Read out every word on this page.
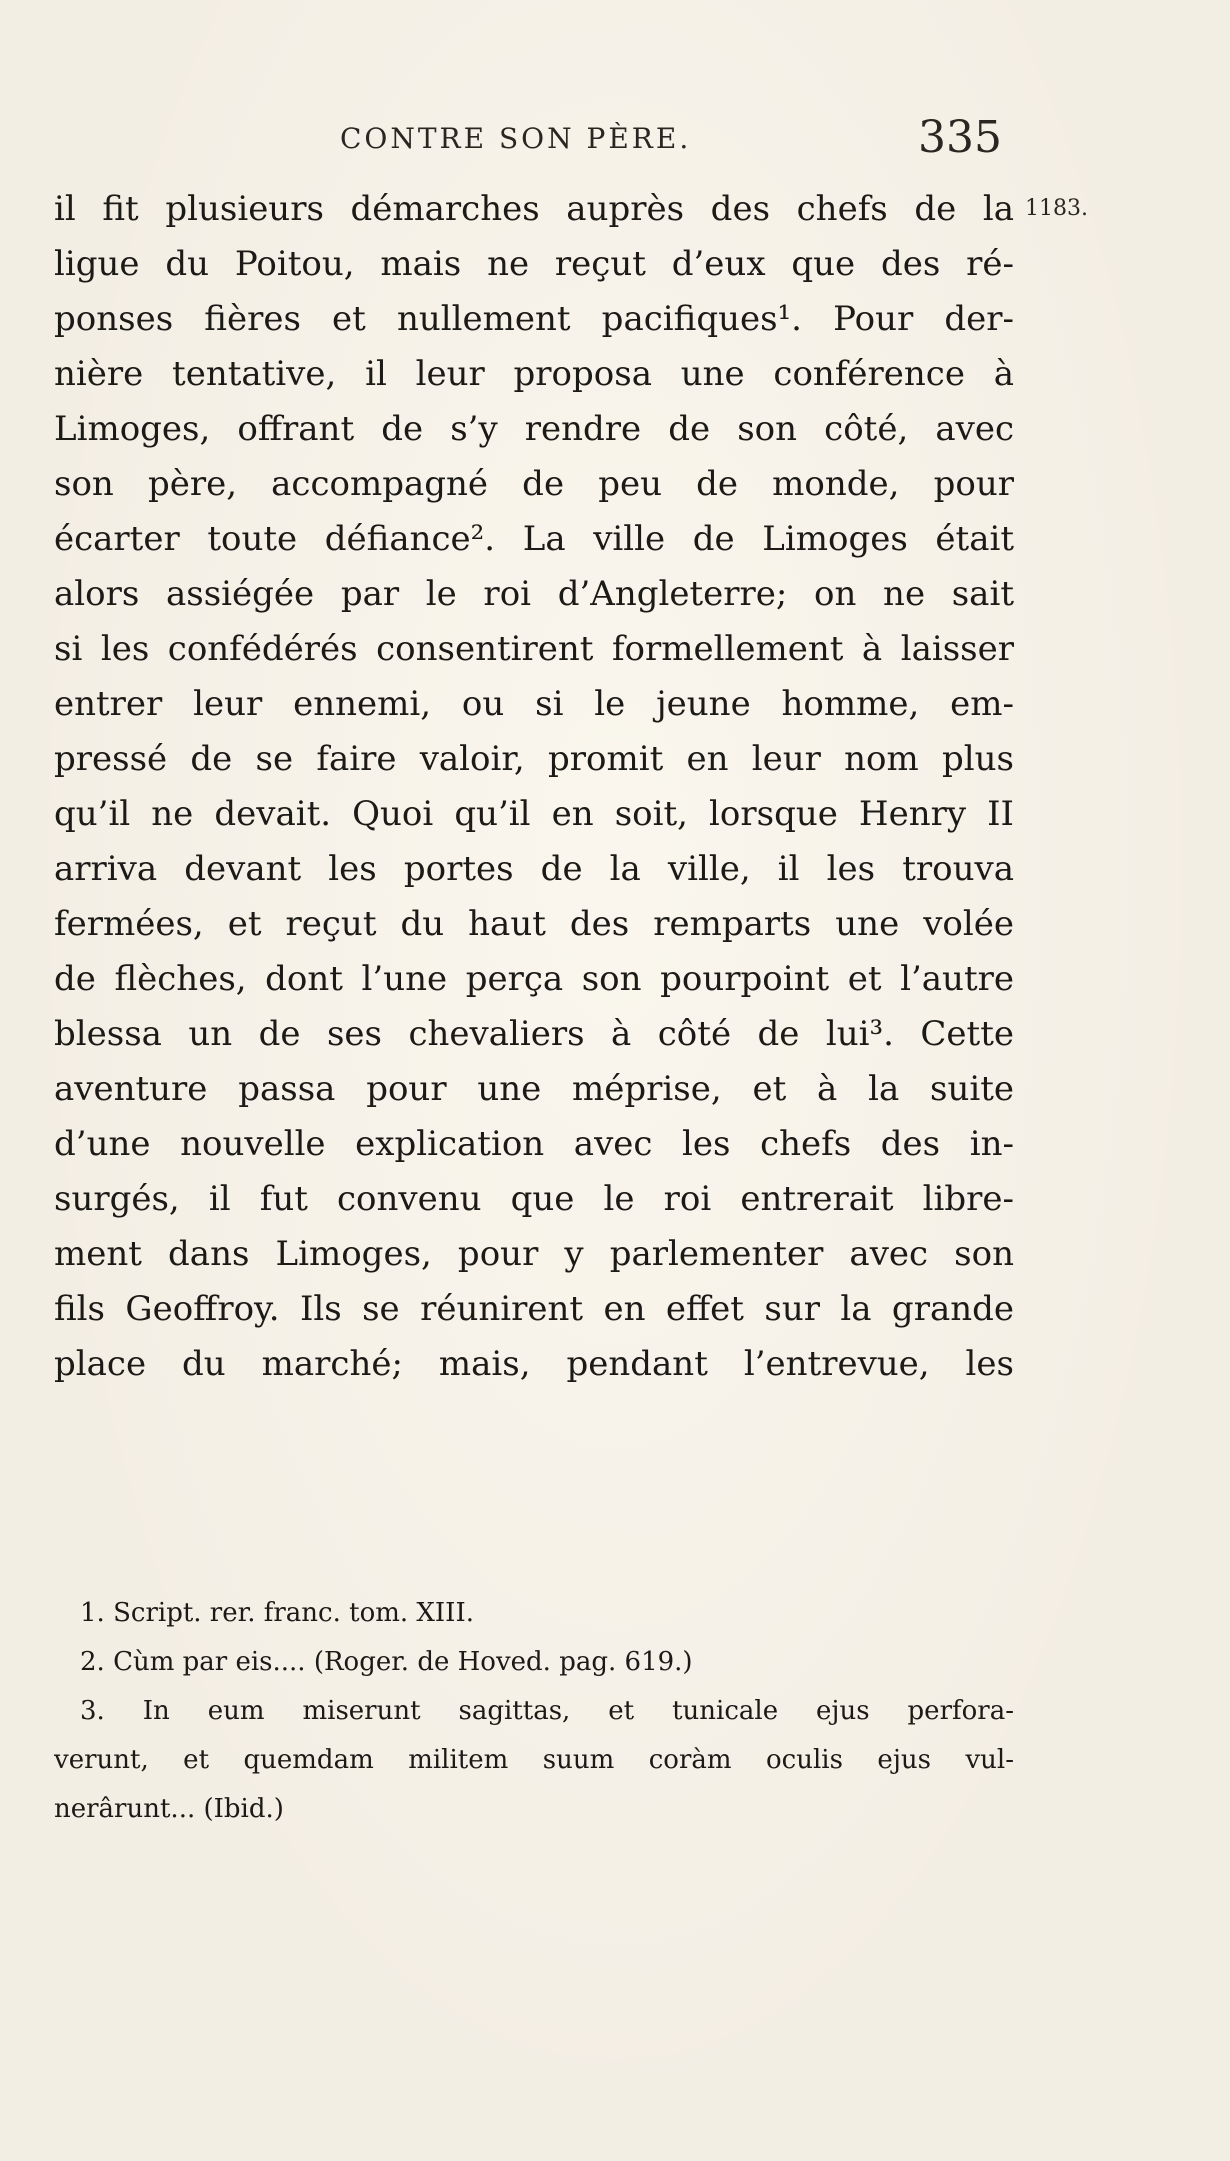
CONTRE SON PÈRE.	335
1183.
il fit plusieurs démarches auprès des chefs de la
ligue du Poitou, mais ne reçut d’eux que des ré-
ponses fières et nullement pacifiques¹. Pour der-
nière tentative, il leur proposa une conférence à
Limoges, offrant de s’y rendre de son côté, avec
son père, accompagné de peu de monde, pour
écarter toute défiance². La ville de Limoges était
alors assiégée par le roi d’Angleterre; on ne sait
si les confédérés consentirent formellement à laisser
entrer leur ennemi, ou si le jeune homme, em-
pressé de se faire valoir, promit en leur nom plus
qu’il ne devait. Quoi qu’il en soit, lorsque Henry II
arriva devant les portes de la ville, il les trouva
fermées, et reçut du haut des remparts une volée
de flèches, dont l’une perça son pourpoint et l’autre
blessa un de ses chevaliers à côté de lui³. Cette
aventure passa pour une méprise, et à la suite
d’une nouvelle explication avec les chefs des in-
surgés, il fut convenu que le roi entrerait libre-
ment dans Limoges, pour y parlementer avec son
fils Geoffroy. Ils se réunirent en effet sur la grande
place du marché; mais, pendant l’entrevue, les
1. Script. rer. franc. tom. XIII.
2. Cùm par eis.... (Roger. de Hoved. pag. 619.)
3. In eum miserunt sagittas, et tunicale ejus perfora-
verunt, et quemdam militem suum coràm oculis ejus vul-
nerârunt... (Ibid.)
